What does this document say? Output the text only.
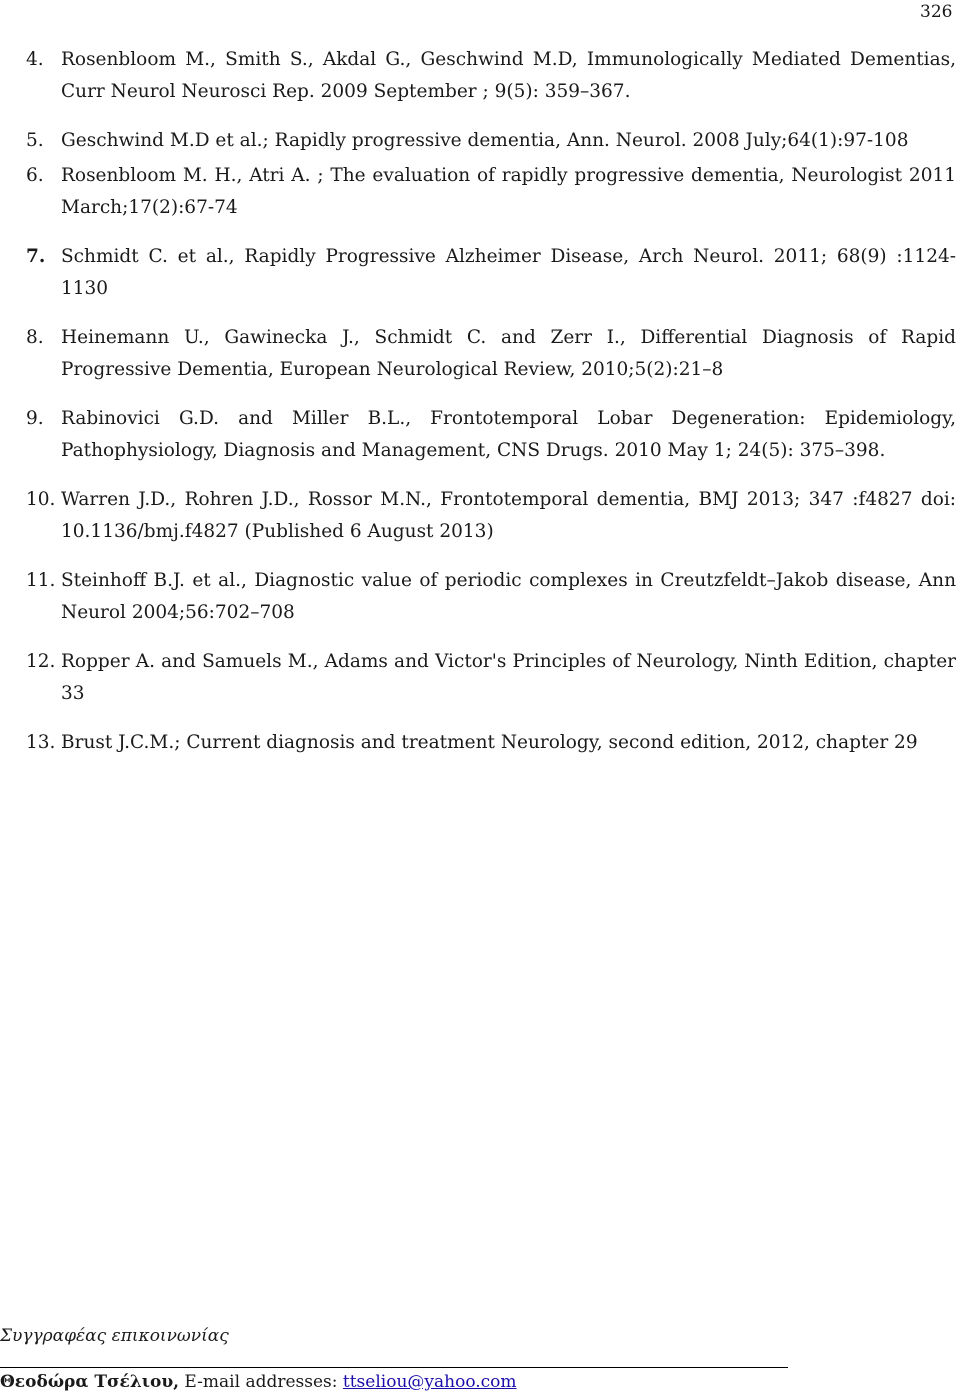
326
4. Rosenbloom M., Smith S., Akdal G., Geschwind M.D, Immunologically Mediated Dementias, Curr Neurol Neurosci Rep. 2009 September ; 9(5): 359–367.
5. Geschwind M.D et al.; Rapidly progressive dementia, Ann. Neurol. 2008 July;64(1):97-108
6. Rosenbloom M. H., Atri A. ; The evaluation of rapidly progressive dementia, Neurologist 2011 March;17(2):67-74
7. Schmidt C. et al., Rapidly Progressive Alzheimer Disease, Arch Neurol. 2011; 68(9) :1124-1130
8. Heinemann U., Gawinecka J., Schmidt C. and Zerr I., Differential Diagnosis of Rapid Progressive Dementia, European Neurological Review, 2010;5(2):21–8
9. Rabinovici G.D. and Miller B.L., Frontotemporal Lobar Degeneration: Epidemiology, Pathophysiology, Diagnosis and Management, CNS Drugs. 2010 May 1; 24(5): 375–398.
10. Warren J.D., Rohren J.D., Rossor M.N., Frontotemporal dementia, BMJ 2013; 347 :f4827 doi: 10.1136/bmj.f4827 (Published 6 August 2013)
11. Steinhoff B.J. et al., Diagnostic value of periodic complexes in Creutzfeldt–Jakob disease, Ann Neurol 2004;56:702–708
12. Ropper A. and Samuels M., Adams and Victor's Principles of Neurology, Ninth Edition, chapter 33
13. Brust J.C.M.; Current diagnosis and treatment Neurology, second edition, 2012, chapter 29
Συγγραφέας επικοινωνίας
Θεοδώρα Τσέλιου, E-mail addresses: ttseliou@yahoo.com
